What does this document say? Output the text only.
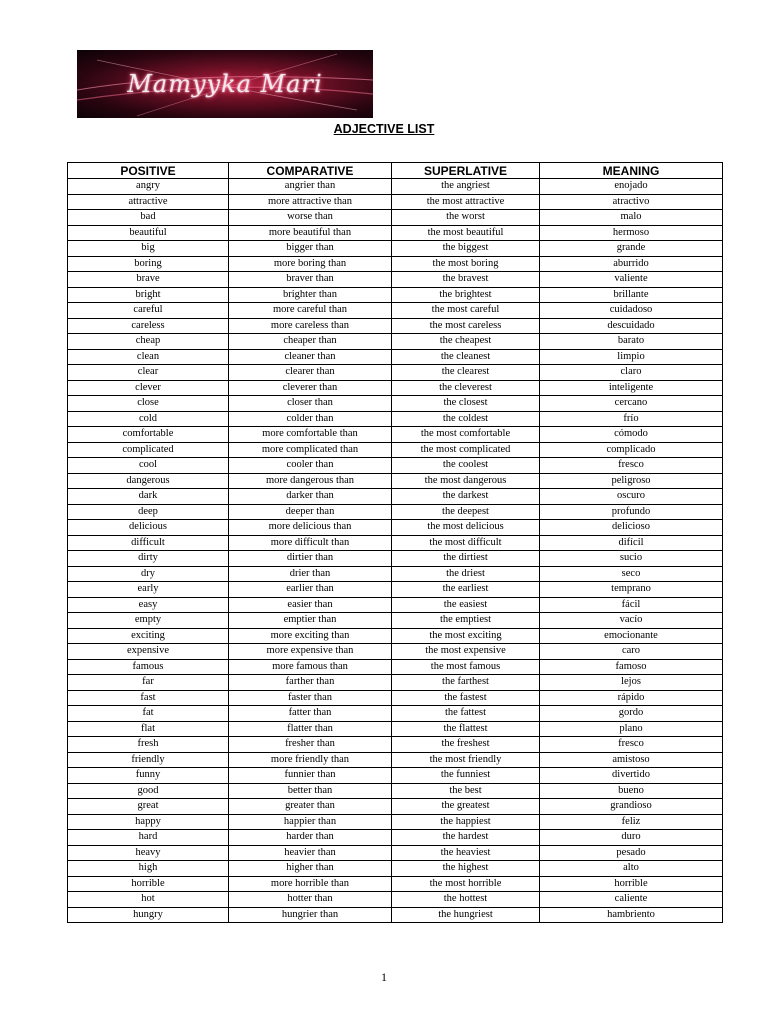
Mamyyka Mari
ADJECTIVE LIST
POSITIVE	COMPARATIVE	SUPERLATIVE	MEANING
angry	angrier than	the angriest	enojado
attractive	more attractive than	the most attractive	atractivo
bad	worse than	the worst	malo
beautiful	more beautiful than	the most beautiful	hermoso
big	bigger than	the biggest	grande
boring	more boring than	the most boring	aburrido
brave	braver than	the bravest	valiente
bright	brighter than	the brightest	brillante
careful	more careful than	the most careful	cuidadoso
careless	more careless than	the most careless	descuidado
cheap	cheaper than	the cheapest	barato
clean	cleaner than	the cleanest	limpio
clear	clearer than	the clearest	claro
clever	cleverer than	the cleverest	inteligente
close	closer than	the closest	cercano
cold	colder than	the coldest	frío
comfortable	more comfortable than	the most comfortable	cómodo
complicated	more complicated than	the most complicated	complicado
cool	cooler than	the coolest	fresco
dangerous	more dangerous than	the most dangerous	peligroso
dark	darker than	the darkest	oscuro
deep	deeper than	the deepest	profundo
delicious	more delicious than	the most delicious	delicioso
difficult	more difficult than	the most difficult	difícil
dirty	dirtier than	the dirtiest	sucio
dry	drier than	the driest	seco
early	earlier than	the earliest	temprano
easy	easier than	the easiest	fácil
empty	emptier than	the emptiest	vacío
exciting	more exciting than	the most exciting	emocionante
expensive	more expensive than	the most expensive	caro
famous	more famous than	the most famous	famoso
far	farther than	the farthest	lejos
fast	faster than	the fastest	rápido
fat	fatter than	the fattest	gordo
flat	flatter than	the flattest	plano
fresh	fresher than	the freshest	fresco
friendly	more friendly than	the most friendly	amistoso
funny	funnier than	the funniest	divertido
good	better than	the best	bueno
great	greater than	the greatest	grandioso
happy	happier than	the happiest	feliz
hard	harder than	the hardest	duro
heavy	heavier than	the heaviest	pesado
high	higher than	the highest	alto
horrible	more horrible than	the most horrible	horrible
hot	hotter than	the hottest	caliente
hungry	hungrier than	the hungriest	hambriento
1
